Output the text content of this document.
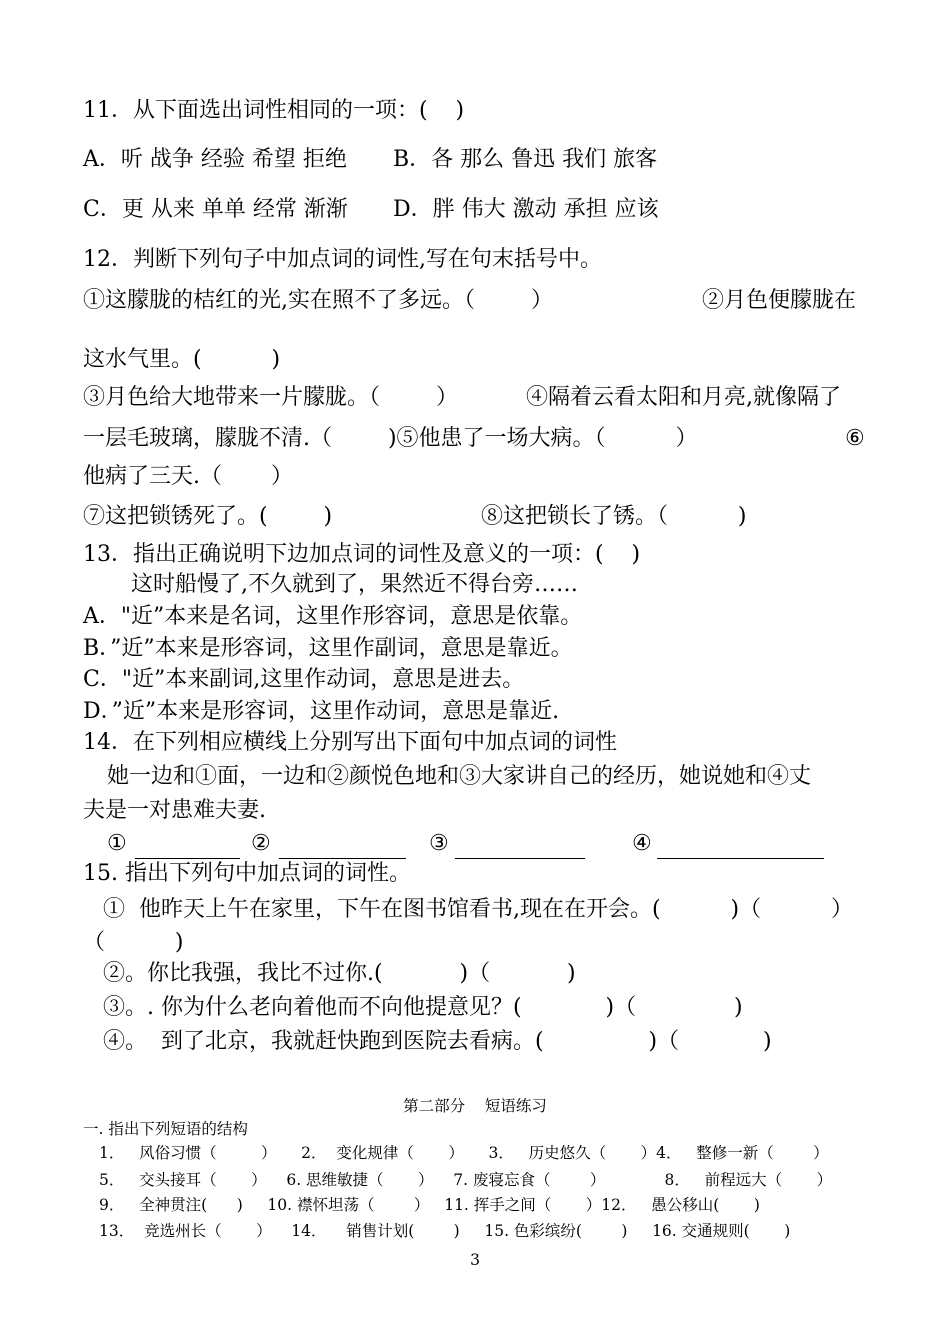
11．从下面选出词性相同的一项：(    )
A．听 战争 经验 希望 拒绝 B．各 那么 鲁迅 我们 旅客
C．更 从来 单单 经常 渐渐 D．胖 伟大 激动 承担 应该
12．判断下列句子中加点词的词性,写在句末括号中。
①这朦胧的桔红的光,实在照不了多远。（        ）	②月色便朦胧在
这水气里。(          )
③月色给大地带来一片朦胧。（        ）	④隔着云看太阳和月亮,就像隔了
一层毛玻璃，朦胧不清.（        )⑤他患了一场大病。（          ）	⑥
他病了三天.（       ）
⑦这把锁锈死了。(        )	⑧这把锁长了锈。（          )
13．指出正确说明下边加点词的词性及意义的一项：(    )
这时船慢了,不久就到了，果然近不得台旁……
A．"近”本来是名词，这里作形容词，意思是依靠。
B．”近”本来是形容词，这里作副词，意思是靠近。
C．"近”本来副词,这里作动词，意思是进去。
D．”近”本来是形容词，这里作动词，意思是靠近.
14．在下列相应横线上分别写出下面句中加点词的词性
她一边和①面，一边和②颜悦色地和③大家讲自己的经历，她说她和④丈
夫是一对患难夫妻.
①	②	③	④
15. 指出下列句中加点词的词性。
①  他昨天上午在家里，下午在图书馆看书,现在在开会。(          )（          ）
（          )
②。你比我强，我比不过你.(           )（           )
③。. 你为什么老向着他而不向他提意见？(            )（              )
④。  到了北京，我就赶快跑到医院去看病。(               )（            )
第二部分    短语练习
一. 指出下列短语的结构
1．   风俗习惯（         ）     2．  变化规律（       ）     3．   历史悠久（       ）4．   整修一新（        ）
5．   交头接耳（       ）    6. 思维敏捷（       ）    7. 废寝忘食（        ）            8．   前程远大（       ）
9．   全神贯注(      )     10. 襟怀坦荡（        ）   11. 挥手之间（       ）12．   愚公移山(       )
13．  竞选州长（       ）    14．    销售计划(        )     15. 色彩缤纷(        )     16. 交通规则(       )
3
